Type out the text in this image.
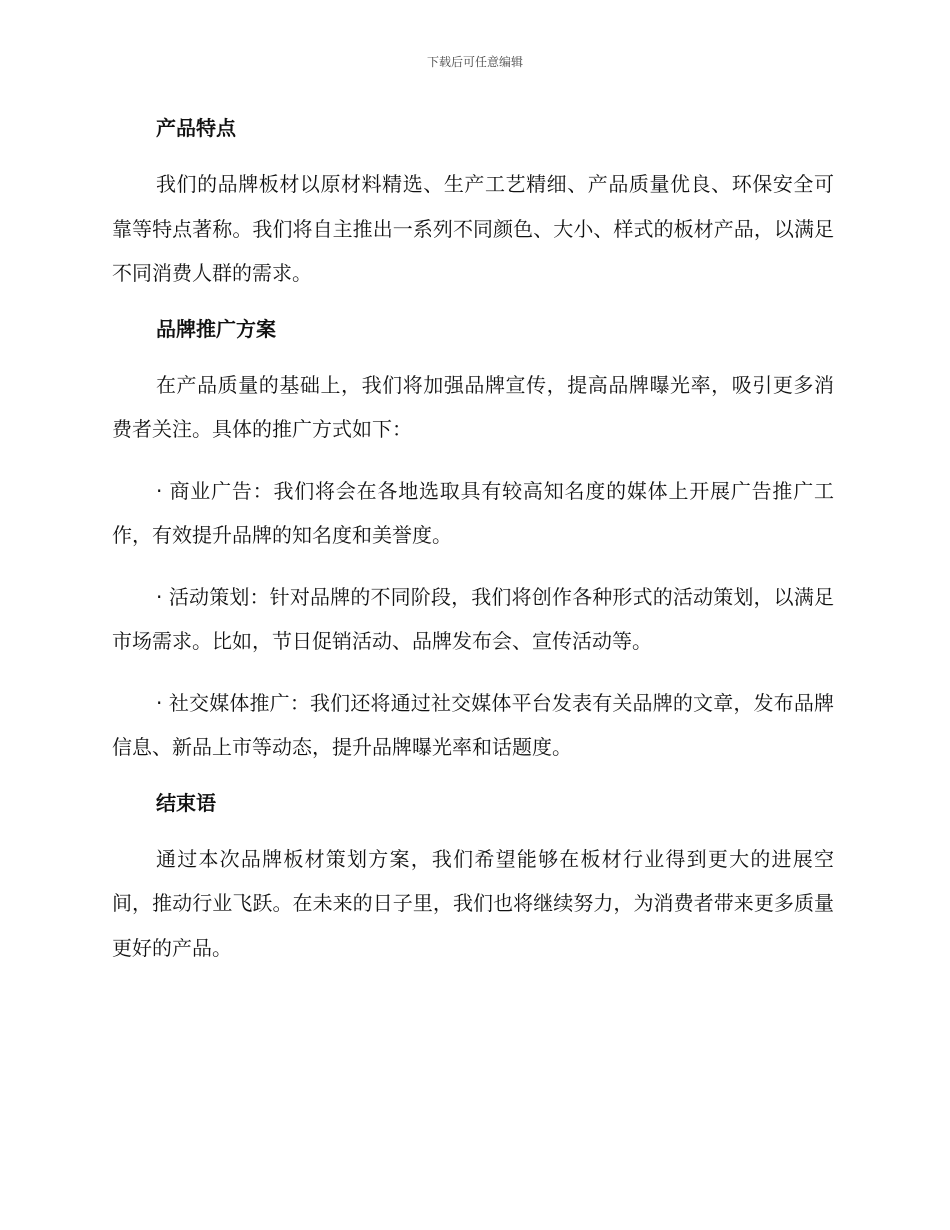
下载后可任意编辑
产品特点

我们的品牌板材以原材料精选、生产工艺精细、产品质量优良、环保安全可靠等特点著称。我们将自主推出一系列不同颜色、大小、样式的板材产品，以满足不同消费人群的需求。

品牌推广方案

在产品质量的基础上，我们将加强品牌宣传，提高品牌曝光率，吸引更多消费者关注。具体的推广方式如下：

· 商业广告：我们将会在各地选取具有较高知名度的媒体上开展广告推广工作，有效提升品牌的知名度和美誉度。

· 活动策划：针对品牌的不同阶段，我们将创作各种形式的活动策划，以满足市场需求。比如，节日促销活动、品牌发布会、宣传活动等。

· 社交媒体推广：我们还将通过社交媒体平台发表有关品牌的文章，发布品牌信息、新品上市等动态，提升品牌曝光率和话题度。

结束语

通过本次品牌板材策划方案，我们希望能够在板材行业得到更大的进展空间，推动行业飞跃。在未来的日子里，我们也将继续努力，为消费者带来更多质量更好的产品。
